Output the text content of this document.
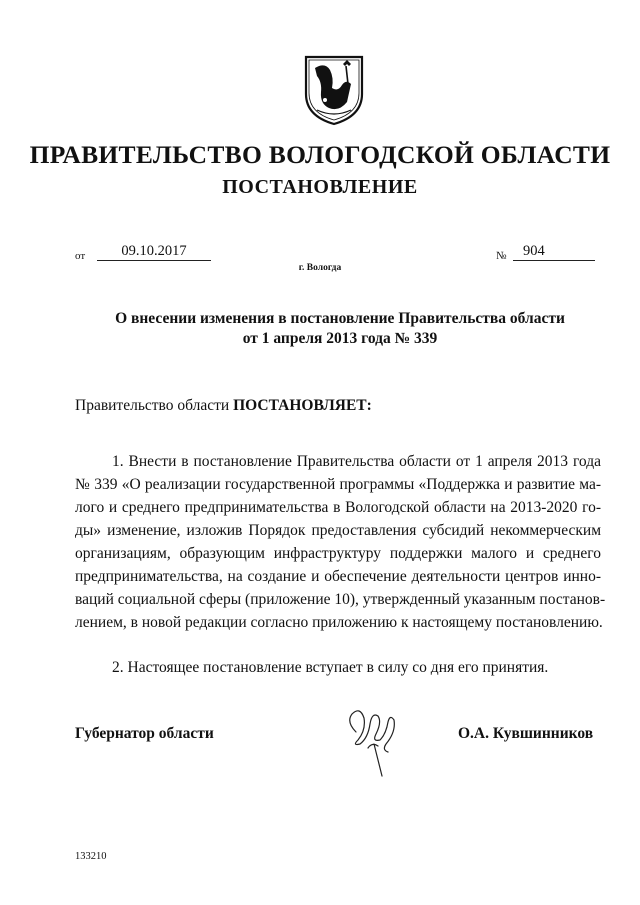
ПРАВИТЕЛЬСТВО ВОЛОГОДСКОЙ ОБЛАСТИ
ПОСТАНОВЛЕНИЕ
от	09.10.2017	№	904
г. Вологда
О внесении изменения в постановление Правительства области
от 1 апреля 2013 года № 339
Правительство области ПОСТАНОВЛЯЕТ:
1. Внести в постановление Правительства области от 1 апреля 2013 года
№ 339 «О реализации государственной программы «Поддержка и развитие ма-
лого и среднего предпринимательства в Вологодской области на 2013-2020 го-
ды» изменение, изложив Порядок предоставления субсидий некоммерческим
организациям, образующим инфраструктуру поддержки малого и среднего
предпринимательства, на создание и обеспечение деятельности центров инно-
ваций социальной сферы (приложение 10), утвержденный указанным постанов-
лением, в новой редакции согласно приложению к настоящему постановлению.
2. Настоящее постановление вступает в силу со дня его принятия.
Губернатор области	О.А. Кувшинников
133210
